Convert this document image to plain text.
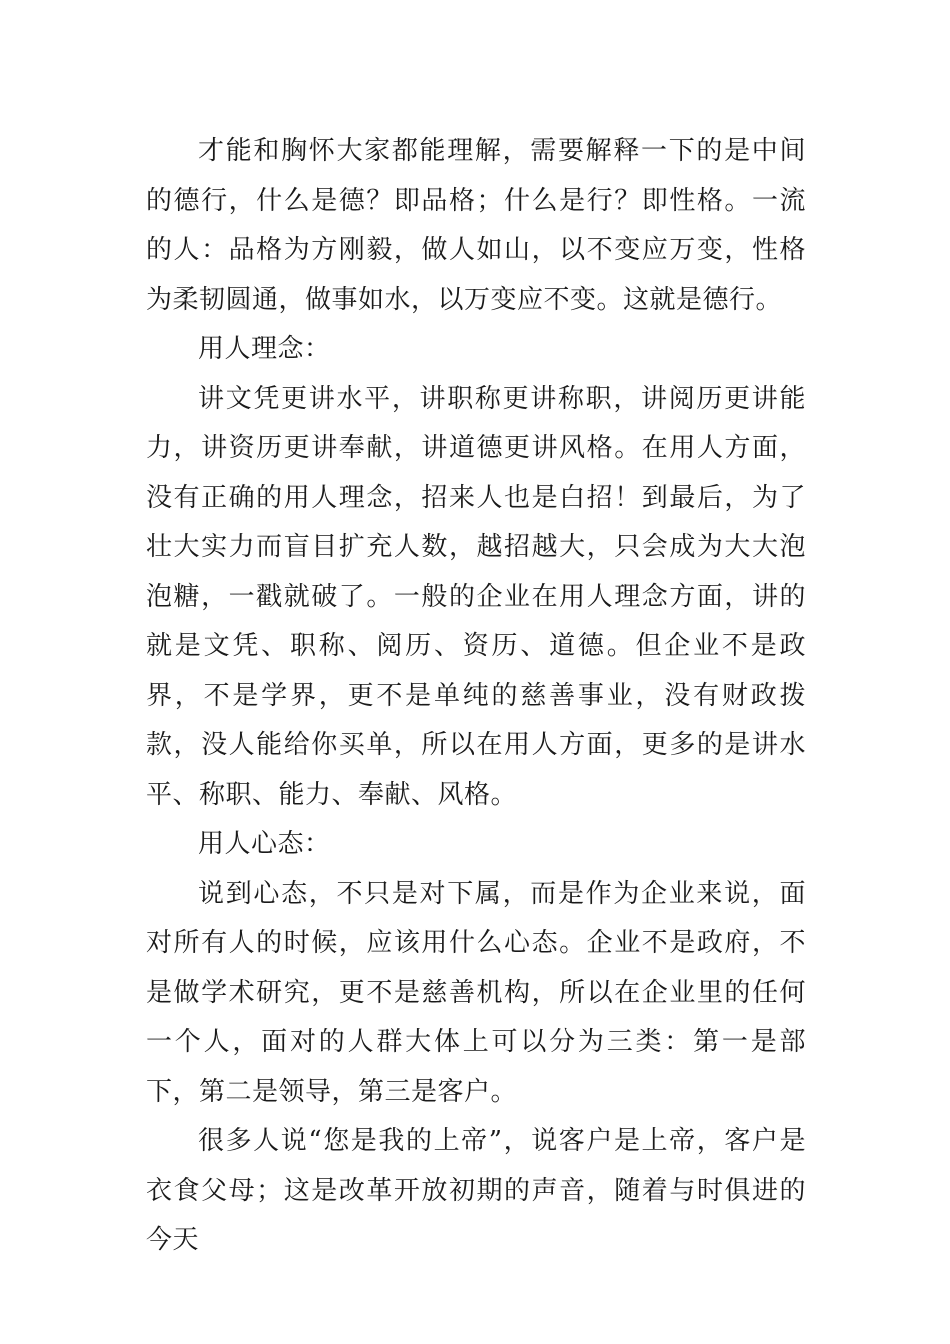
才能和胸怀大家都能理解，需要解释一下的是中间的德行，什么是德？即品格；什么是行？即性格。一流的人：品格为方刚毅，做人如山，以不变应万变，性格为柔韧圆通，做事如水，以万变应不变。这就是德行。

用人理念：

讲文凭更讲水平，讲职称更讲称职，讲阅历更讲能力，讲资历更讲奉献，讲道德更讲风格。在用人方面，没有正确的用人理念，招来人也是白招！到最后，为了壮大实力而盲目扩充人数，越招越大，只会成为大大泡泡糖，一戳就破了。一般的企业在用人理念方面，讲的就是文凭、职称、阅历、资历、道德。但企业不是政界，不是学界，更不是单纯的慈善事业，没有财政拨款，没人能给你买单，所以在用人方面，更多的是讲水平、称职、能力、奉献、风格。

用人心态：

说到心态，不只是对下属，而是作为企业来说，面对所有人的时候，应该用什么心态。企业不是政府，不是做学术研究，更不是慈善机构，所以在企业里的任何一个人，面对的人群大体上可以分为三类：第一是部下，第二是领导，第三是客户。

很多人说“您是我的上帝”，说客户是上帝，客户是衣食父母；这是改革开放初期的声音，随着与时俱进的今天
